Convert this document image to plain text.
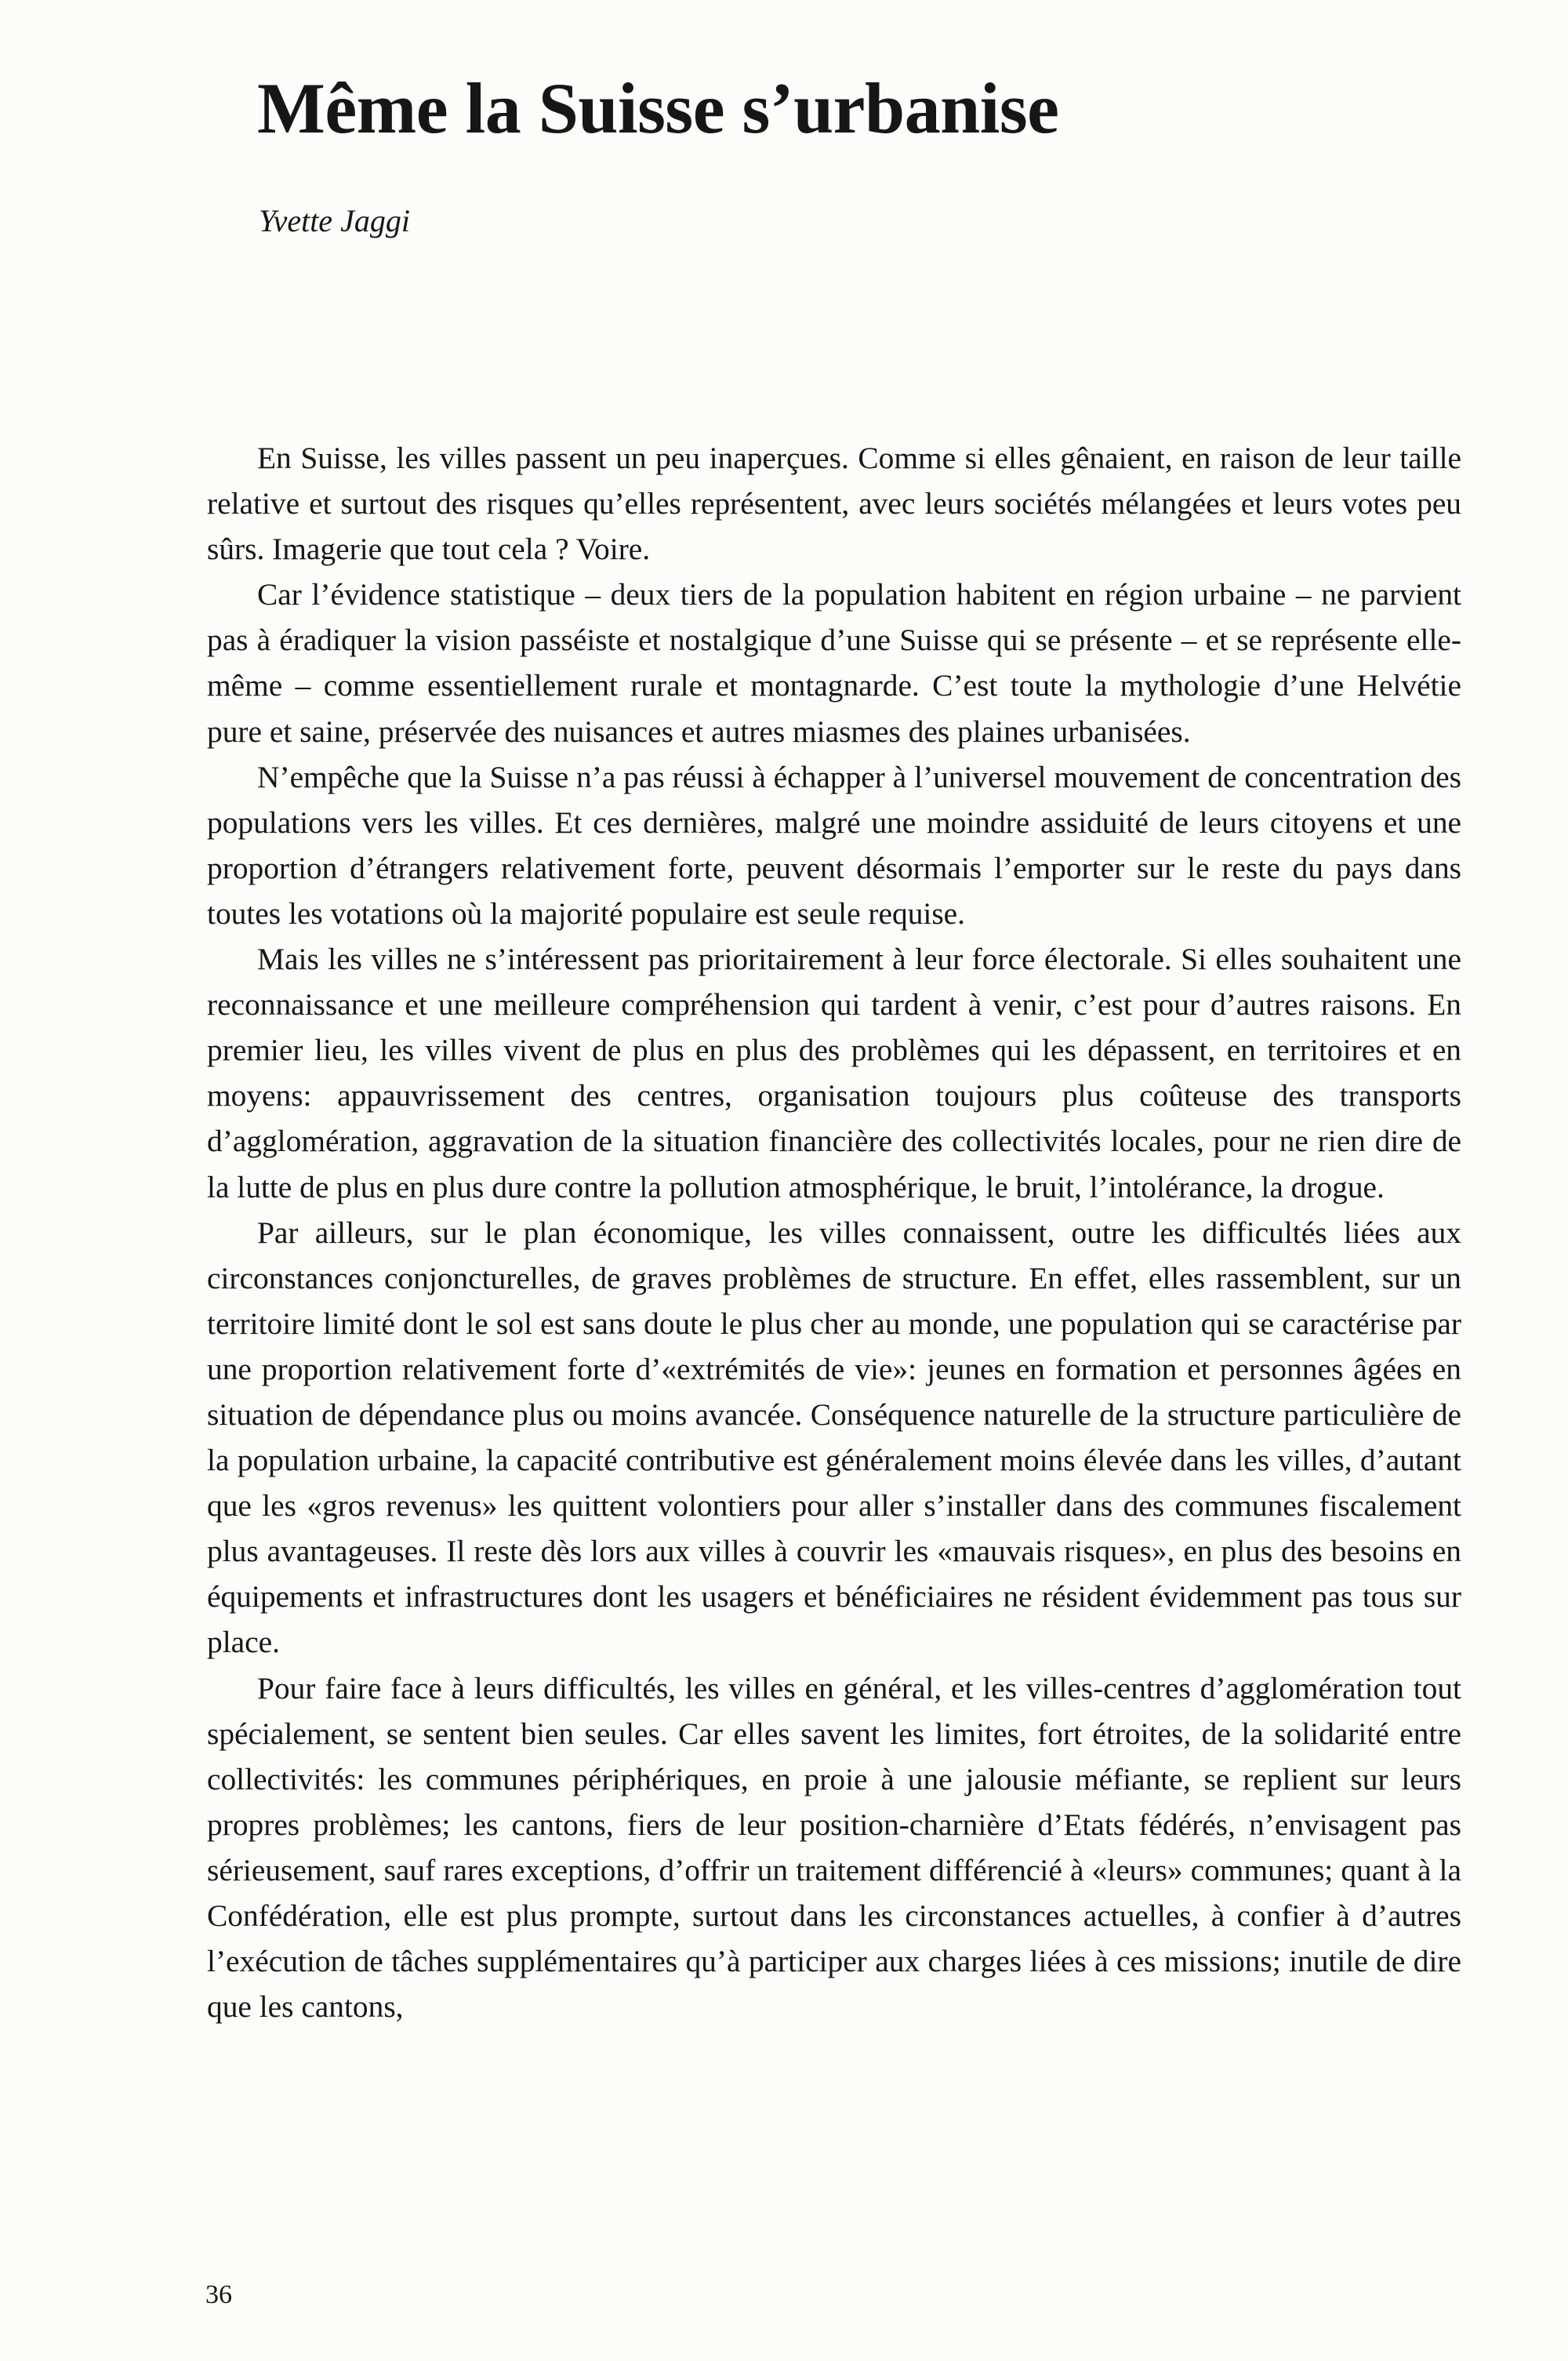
Même la Suisse s’urbanise
Yvette Jaggi

En Suisse, les villes passent un peu inaperçues. Comme si elles gênaient, en raison de leur taille relative et surtout des risques qu’elles représentent, avec leurs sociétés mélangées et leurs votes peu sûrs. Imagerie que tout cela ? Voire.

Car l’évidence statistique – deux tiers de la population habitent en région urbaine – ne parvient pas à éradiquer la vision passéiste et nostalgique d’une Suisse qui se présente – et se représente elle-même – comme essentiellement rurale et montagnarde. C’est toute la mythologie d’une Helvétie pure et saine, préservée des nuisances et autres miasmes des plaines urbanisées.

N’empêche que la Suisse n’a pas réussi à échapper à l’universel mouvement de concentration des populations vers les villes. Et ces dernières, malgré une moindre assiduité de leurs citoyens et une proportion d’étrangers relativement forte, peuvent désormais l’emporter sur le reste du pays dans toutes les votations où la majorité populaire est seule requise.

Mais les villes ne s’intéressent pas prioritairement à leur force électorale. Si elles souhaitent une reconnaissance et une meilleure compréhension qui tardent à venir, c’est pour d’autres raisons. En premier lieu, les villes vivent de plus en plus des problèmes qui les dépassent, en territoires et en moyens: appauvrissement des centres, organisation toujours plus coûteuse des transports d’agglomération, aggravation de la situation financière des collectivités locales, pour ne rien dire de la lutte de plus en plus dure contre la pollution atmosphérique, le bruit, l’intolérance, la drogue.

Par ailleurs, sur le plan économique, les villes connaissent, outre les difficultés liées aux circonstances conjoncturelles, de graves problèmes de structure. En effet, elles rassemblent, sur un territoire limité dont le sol est sans doute le plus cher au monde, une population qui se caractérise par une proportion relativement forte d’«extrémités de vie»: jeunes en formation et personnes âgées en situation de dépendance plus ou moins avancée. Conséquence naturelle de la structure particulière de la population urbaine, la capacité contributive est généralement moins élevée dans les villes, d’autant que les «gros revenus» les quittent volontiers pour aller s’installer dans des communes fiscalement plus avantageuses. Il reste dès lors aux villes à couvrir les «mauvais risques», en plus des besoins en équipements et infrastructures dont les usagers et bénéficiaires ne résident évidemment pas tous sur place.

Pour faire face à leurs difficultés, les villes en général, et les villes-centres d’agglomération tout spécialement, se sentent bien seules. Car elles savent les limites, fort étroites, de la solidarité entre collectivités: les communes périphériques, en proie à une jalousie méfiante, se replient sur leurs propres problèmes; les cantons, fiers de leur position-charnière d’Etats fédérés, n’envisagent pas sérieusement, sauf rares exceptions, d’offrir un traitement différencié à «leurs» communes; quant à la Confédération, elle est plus prompte, surtout dans les circonstances actuelles, à confier à d’autres l’exécution de tâches supplémentaires qu’à participer aux charges liées à ces missions; inutile de dire que les cantons,

36
